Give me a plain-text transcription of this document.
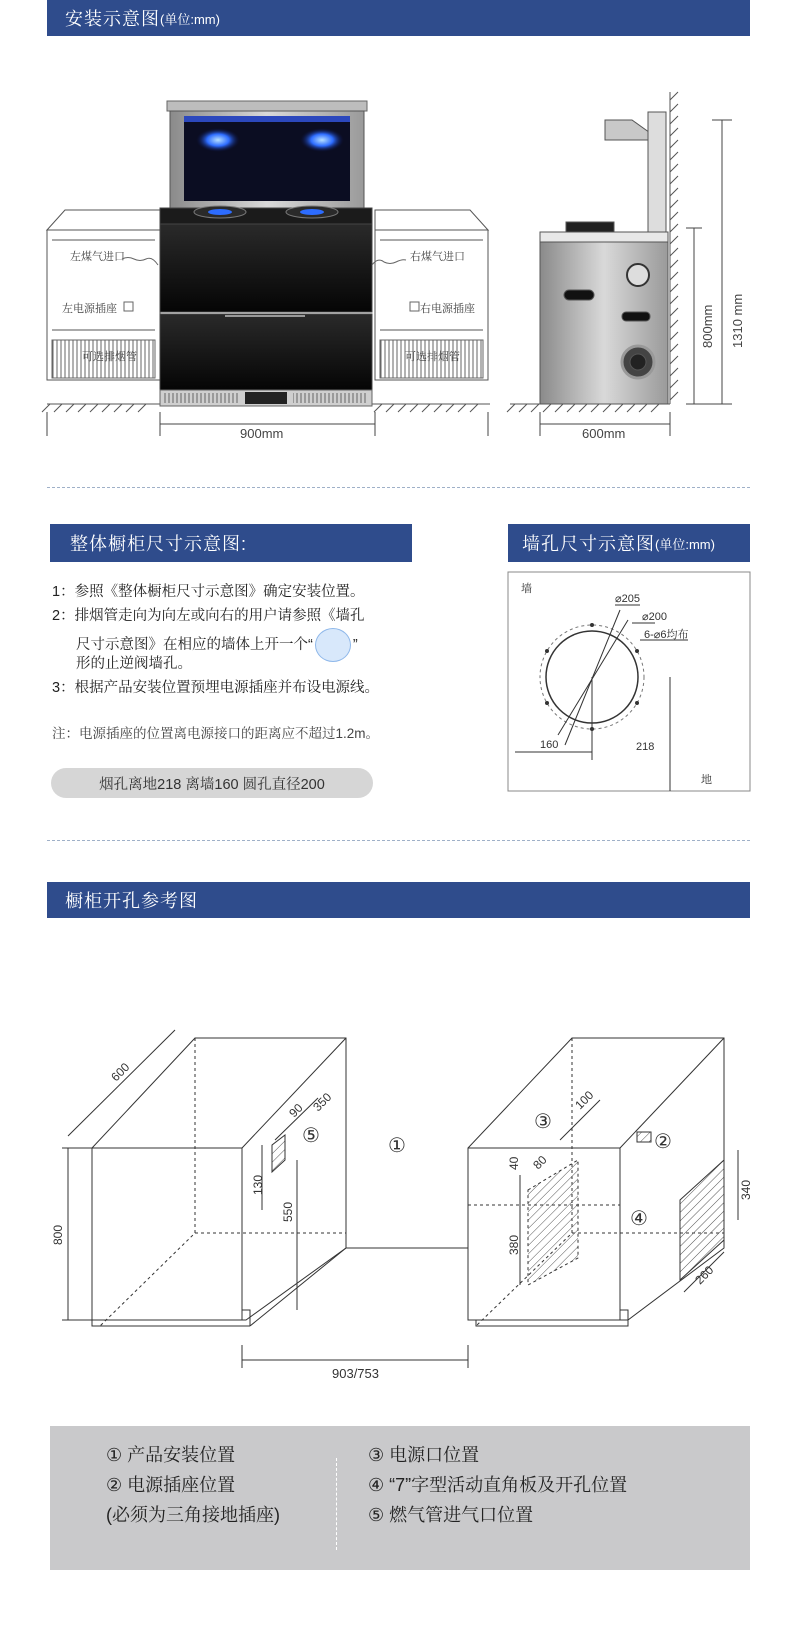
安装示意图 (单位:mm)
整体橱柜尺寸示意图:	墙孔尺寸示意图 (单位:mm)
橱柜开孔参考图
1：参照《整体橱柜尺寸示意图》确定安装位置。
2：排烟管走向为向左或向右的用户请参照《墙孔
尺寸示意图》在相应的墙体上开一个“	”
形的止逆阀墙孔。
3：根据产品安装位置预埋电源插座并布设电源线。
注：电源插座的位置离电源接口的距离应不超过1.2m。
烟孔离地218 离墙160 圆孔直径200
左煤气进口	右煤气进口
左电源插座	右电源插座
可选排烟管	可选排烟管
900mm	600mm
800mm 1310 mm
墙
地
⌀205
⌀200
6-⌀6均布
160	218
600
800
90 350
130
550
903/753
100
40 80
380
340
260
①	②
③
④
⑤
① 产品安装位置
② 电源插座位置
(必须为三角接地插座)
③ 电源口位置
④ “7”字型活动直角板及开孔位置
⑤ 燃气管进气口位置
